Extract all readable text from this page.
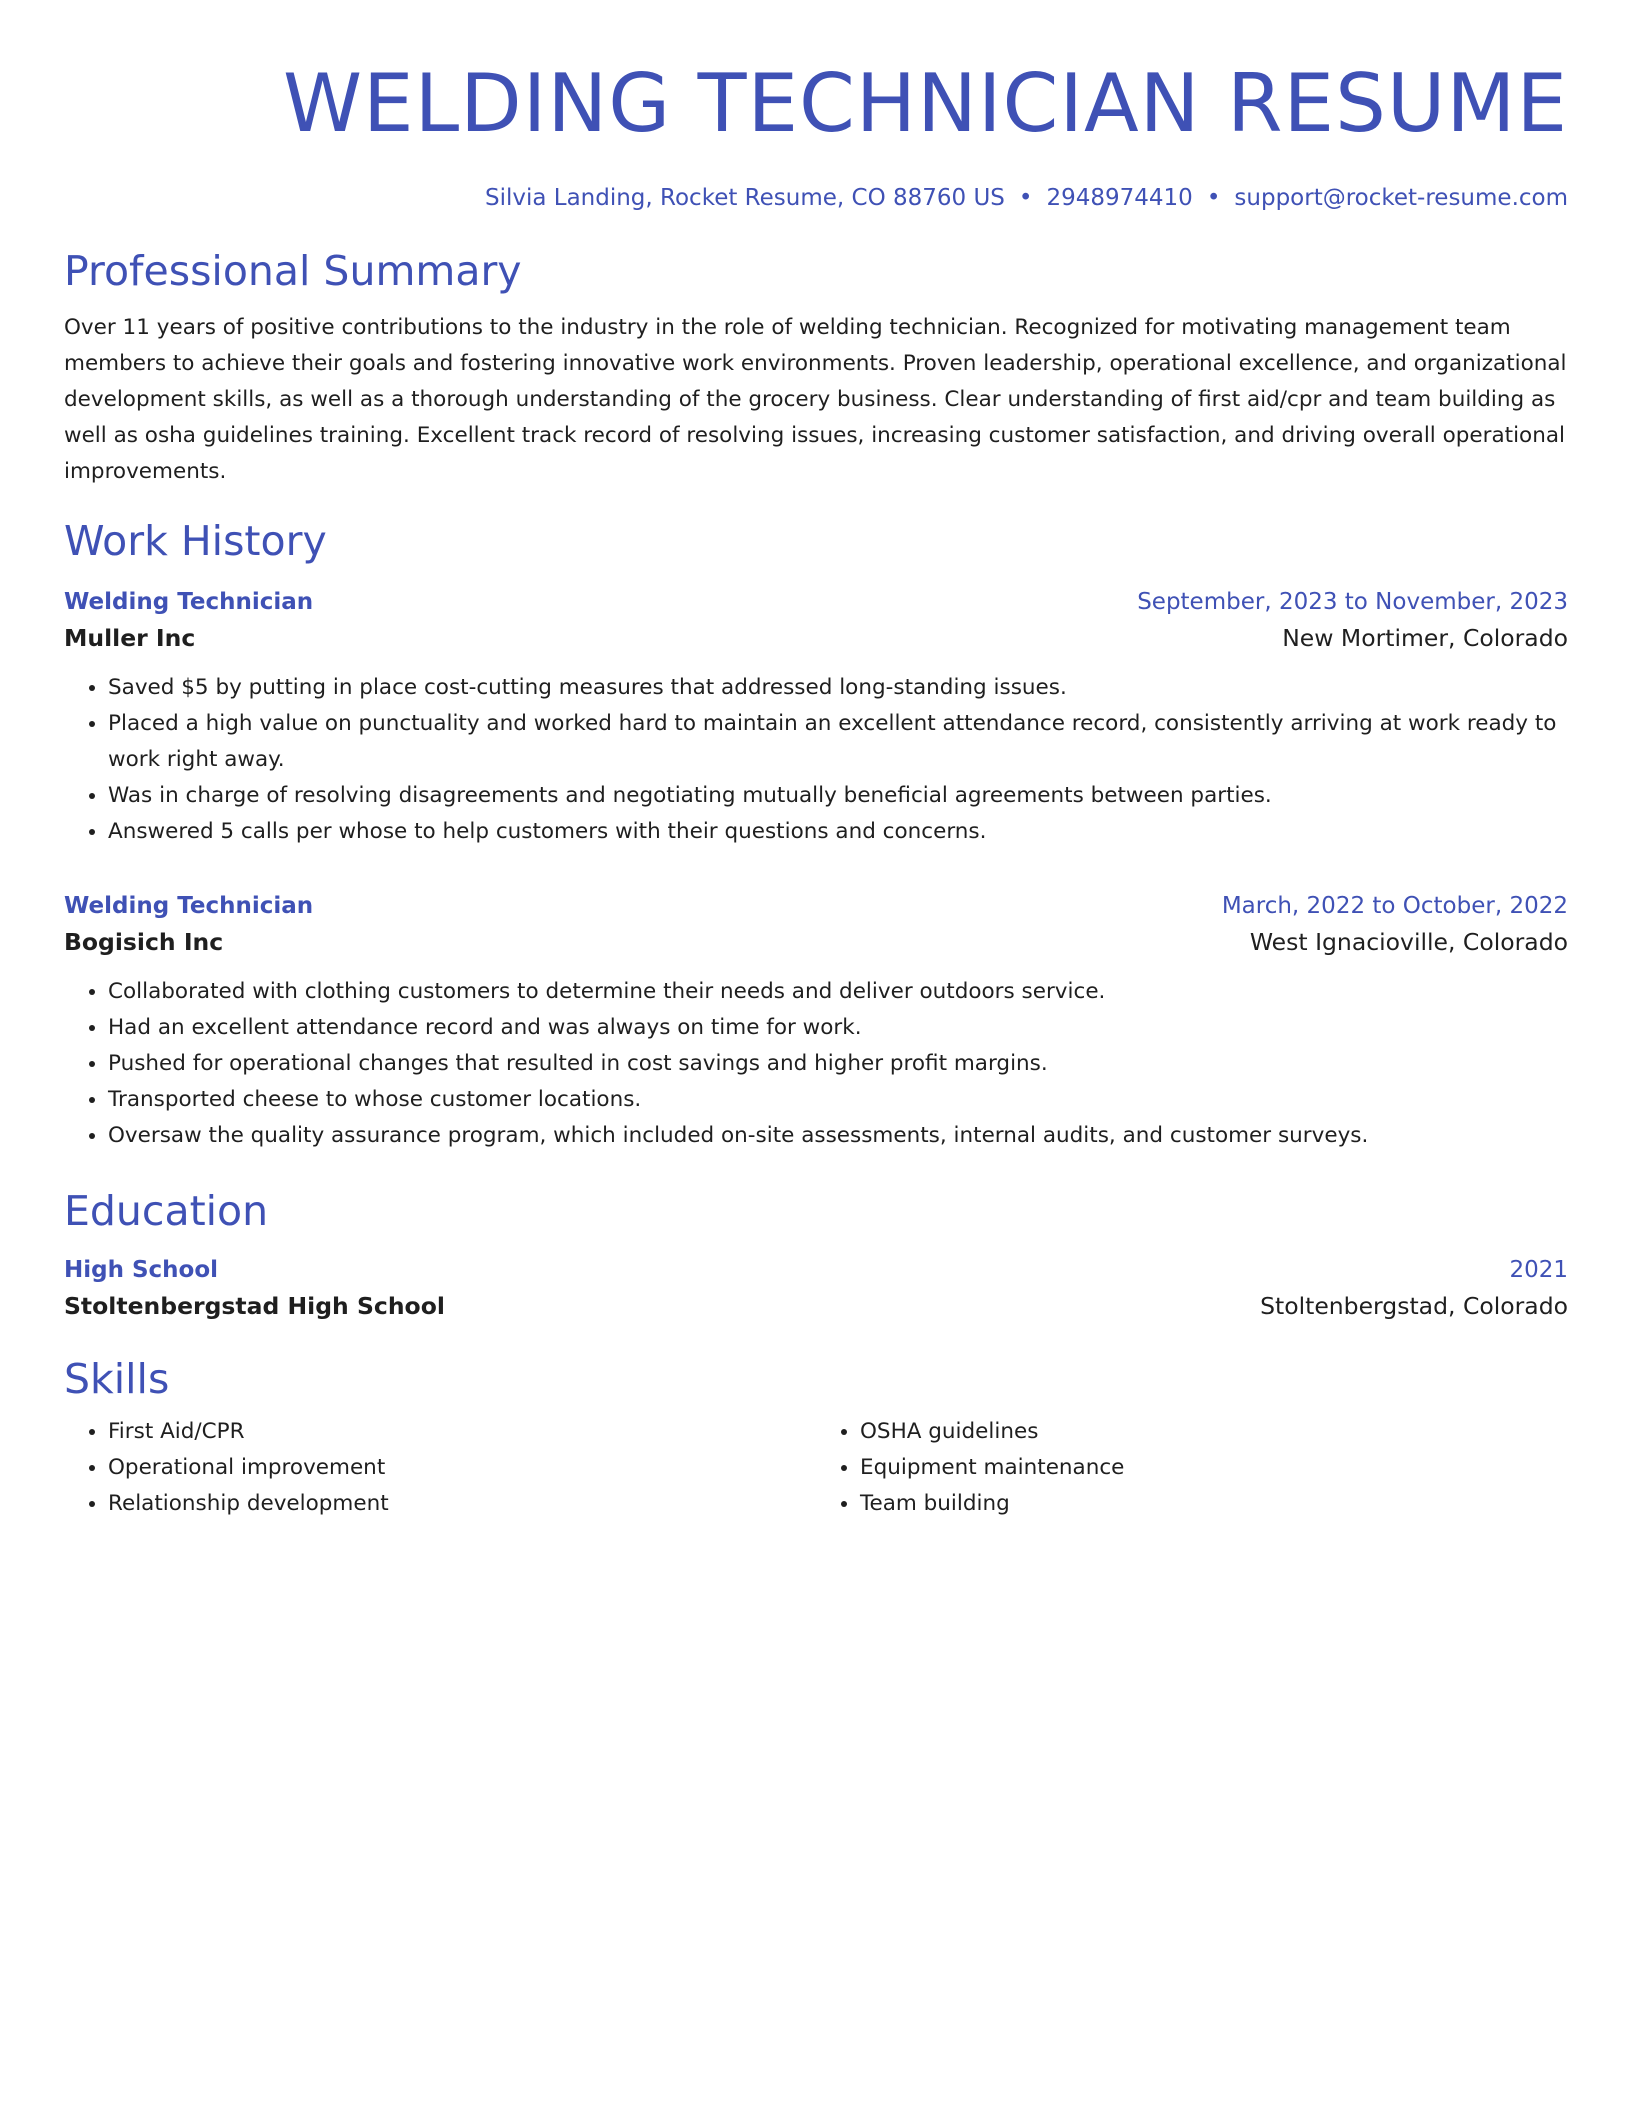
WELDING TECHNICIAN RESUME
Silvia Landing, Rocket Resume, CO 88760 US • 2948974410 • support@rocket-resume.com
Professional Summary
Over 11 years of positive contributions to the industry in the role of welding technician. Recognized for motivating management team members to achieve their goals and fostering innovative work environments. Proven leadership, operational excellence, and organizational development skills, as well as a thorough understanding of the grocery business. Clear understanding of first aid/cpr and team building as well as osha guidelines training. Excellent track record of resolving issues, increasing customer satisfaction, and driving overall operational improvements.
Work History
Welding Technician	September, 2023 to November, 2023
Muller Inc	New Mortimer, Colorado
• Saved $5 by putting in place cost-cutting measures that addressed long-standing issues.
• Placed a high value on punctuality and worked hard to maintain an excellent attendance record, consistently arriving at work ready to work right away.
• Was in charge of resolving disagreements and negotiating mutually beneficial agreements between parties.
• Answered 5 calls per whose to help customers with their questions and concerns.
Welding Technician	March, 2022 to October, 2022
Bogisich Inc	West Ignacioville, Colorado
• Collaborated with clothing customers to determine their needs and deliver outdoors service.
• Had an excellent attendance record and was always on time for work.
• Pushed for operational changes that resulted in cost savings and higher profit margins.
• Transported cheese to whose customer locations.
• Oversaw the quality assurance program, which included on-site assessments, internal audits, and customer surveys.
Education
High School	2021
Stoltenbergstad High School	Stoltenbergstad, Colorado
Skills
• First Aid/CPR
• Operational improvement
• Relationship development
• OSHA guidelines
• Equipment maintenance
• Team building
